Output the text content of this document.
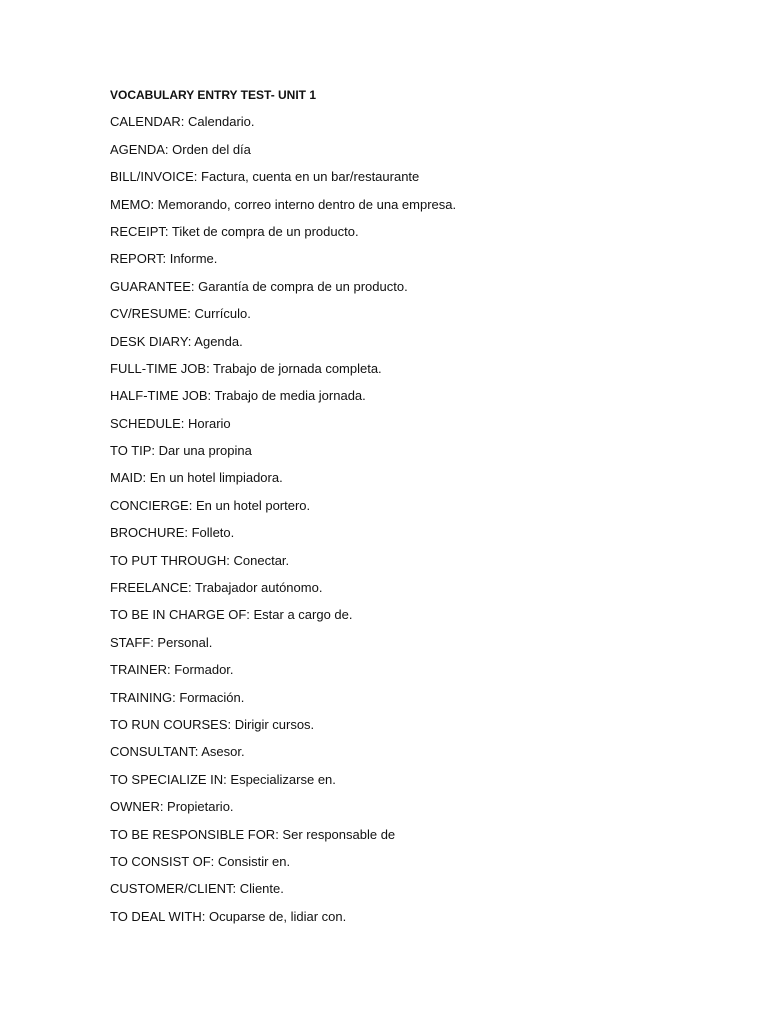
VOCABULARY ENTRY TEST- UNIT 1
CALENDAR: Calendario.
AGENDA: Orden del día
BILL/INVOICE: Factura, cuenta en un bar/restaurante
MEMO: Memorando, correo interno dentro de una empresa.
RECEIPT: Tiket de compra de un producto.
REPORT: Informe.
GUARANTEE: Garantía de compra de un producto.
CV/RESUME: Currículo.
DESK DIARY: Agenda.
FULL-TIME JOB: Trabajo de jornada completa.
HALF-TIME JOB: Trabajo de media jornada.
SCHEDULE: Horario
TO TIP: Dar una propina
MAID: En un hotel limpiadora.
CONCIERGE: En un hotel portero.
BROCHURE: Folleto.
TO PUT THROUGH: Conectar.
FREELANCE: Trabajador autónomo.
TO BE IN CHARGE OF: Estar a cargo de.
STAFF: Personal.
TRAINER: Formador.
TRAINING: Formación.
TO RUN COURSES: Dirigir cursos.
CONSULTANT: Asesor.
TO SPECIALIZE IN: Especializarse en.
OWNER: Propietario.
TO BE RESPONSIBLE FOR: Ser responsable de
TO CONSIST OF: Consistir en.
CUSTOMER/CLIENT: Cliente.
TO DEAL WITH: Ocuparse de, lidiar con.
